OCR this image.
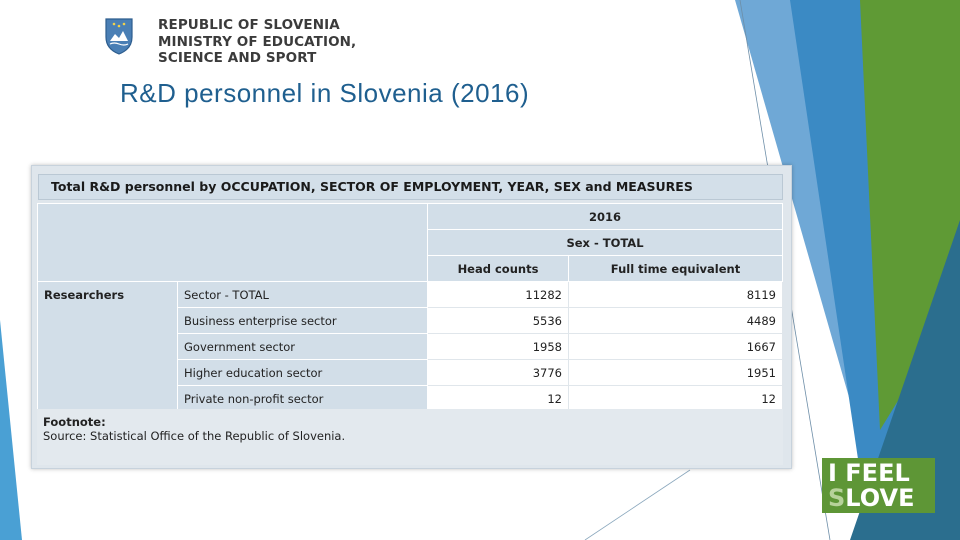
REPUBLIC OF SLOVENIA
MINISTRY OF EDUCATION,
SCIENCE AND SPORT
R&D personnel in Slovenia (2016)
Total R&D personnel by OCCUPATION, SECTOR OF EMPLOYMENT, YEAR, SEX and MEASURES
		2016	
		Sex - TOTAL	
		Head counts	Full time equivalent
Researchers	Sector - TOTAL	11282	8119
	Business enterprise sector	5536	4489
	Government sector	1958	1667
	Higher education sector	3776	1951
	Private non-profit sector	12	12
Footnote:
Source: Statistical Office of the Republic of Slovenia.
I FEEL
SLOVE
